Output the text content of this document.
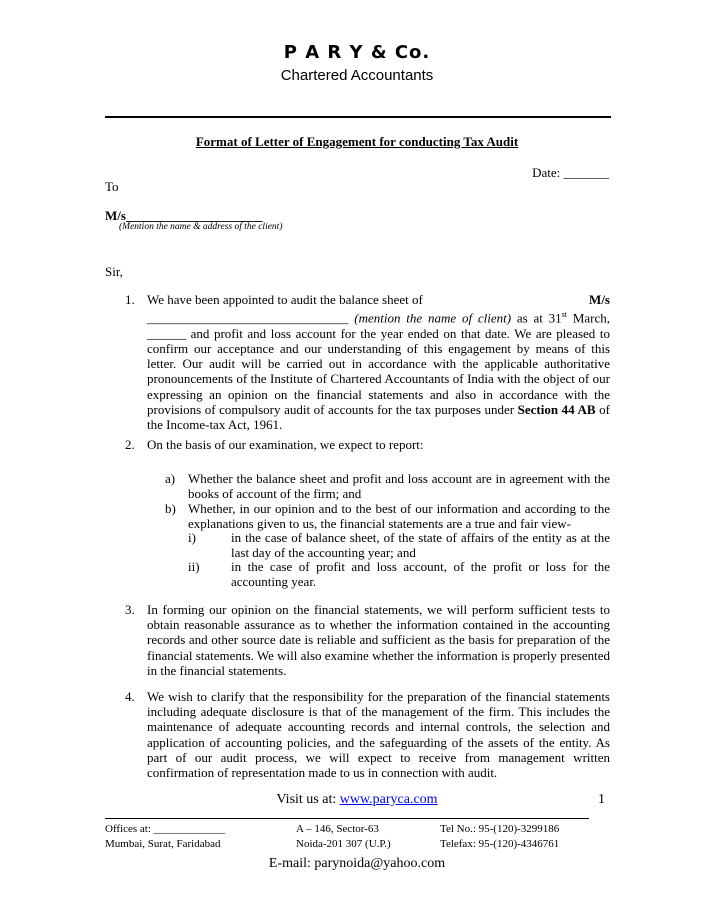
P A R Y & Co.
Chartered Accountants
Format of Letter of Engagement for conducting Tax Audit
Date: _______
To
M/s_____________________
(Mention the name & address of the client)
Sir,
1. We have been appointed to audit the balance sheet of	M/s
_______________________________ (mention the name of client) as at 31st March, ______ and profit and loss account for the year ended on that date. We are pleased to confirm our acceptance and our understanding of this engagement by means of this letter. Our audit will be carried out in accordance with the applicable authoritative pronouncements of the Institute of Chartered Accountants of India with the object of our expressing an opinion on the financial statements and also in accordance with the provisions of compulsory audit of accounts for the tax purposes under Section 44 AB of the Income-tax Act, 1961.
2. On the basis of our examination, we expect to report:
a) Whether the balance sheet and profit and loss account are in agreement with the books of account of the firm; and
b) Whether, in our opinion and to the best of our information and according to the explanations given to us, the financial statements are a true and fair view-
i)	in the case of balance sheet, of the state of affairs of the entity as at the last day of the accounting year; and
ii) in the case of profit and loss account, of the profit or loss for the accounting year.
3. In forming our opinion on the financial statements, we will perform sufficient tests to obtain reasonable assurance as to whether the information contained in the accounting records and other source date is reliable and sufficient as the basis for preparation of the financial statements. We will also examine whether the information is properly presented in the financial statements.
4. We wish to clarify that the responsibility for the preparation of the financial statements including adequate disclosure is that of the management of the firm. This includes the maintenance of adequate accounting records and internal controls, the selection and application of accounting policies, and the safeguarding of the assets of the entity. As part of our audit process, we will expect to receive from management written confirmation of representation made to us in connection with audit.
Visit us at: www.paryca.com	1
Offices at: _____________
Mumbai, Surat, Faridabad
A – 146, Sector-63
Noida-201 307 (U.P.)
Tel No.: 95-(120)-3299186
Telefax: 95-(120)-4346761
E-mail: parynoida@yahoo.com
